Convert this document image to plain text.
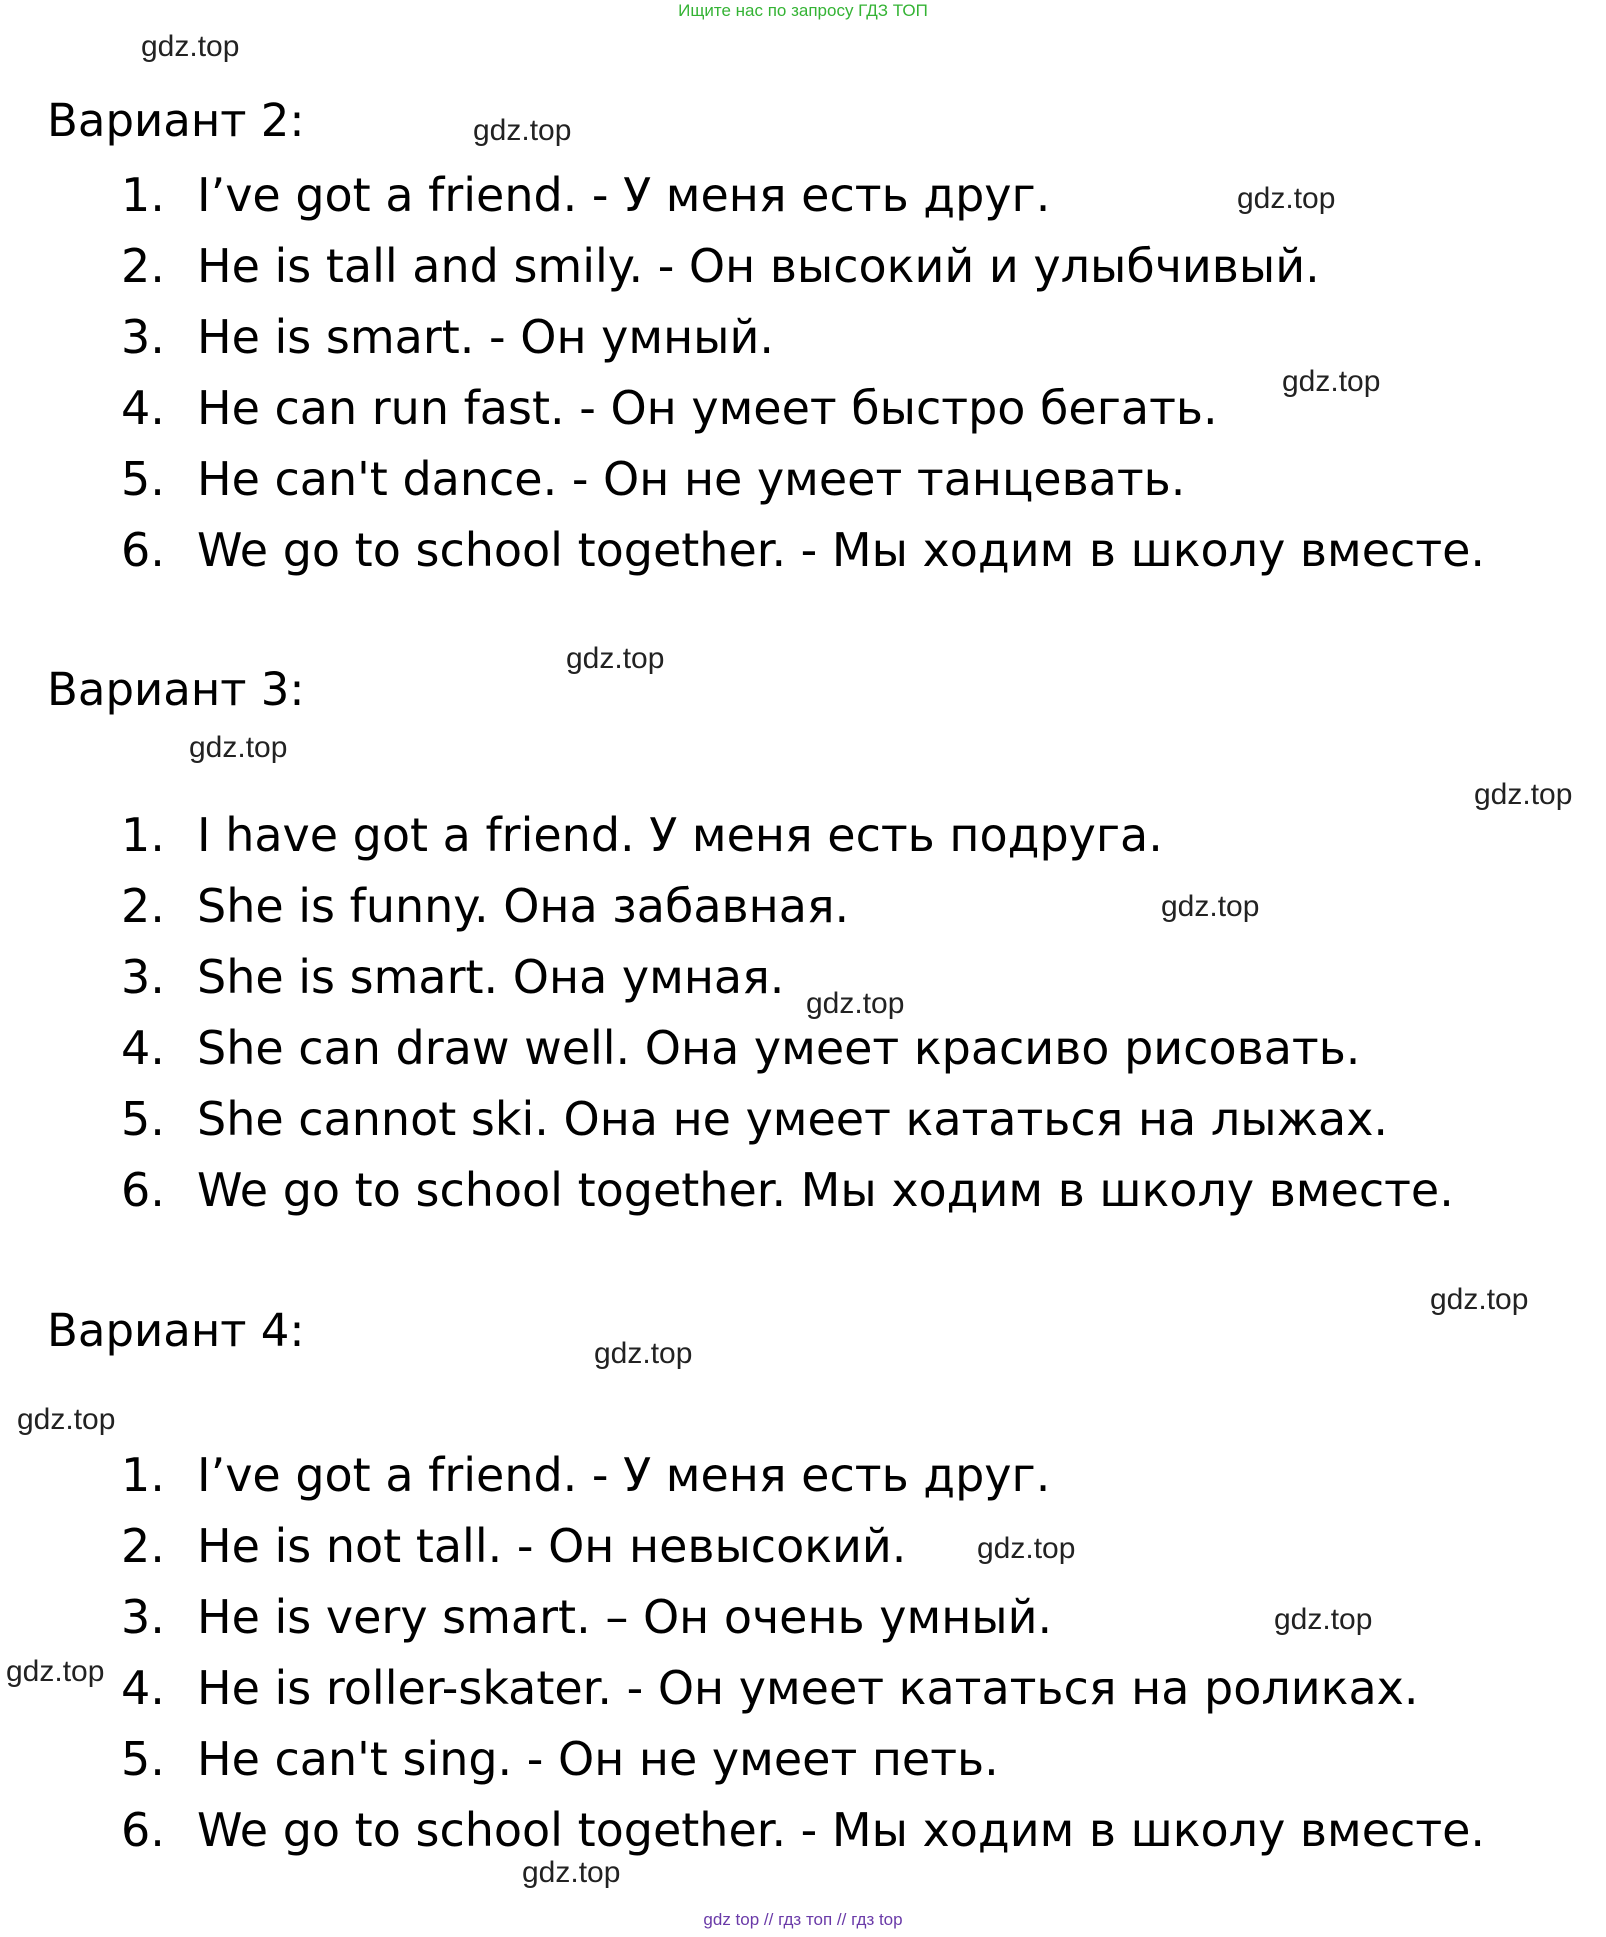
Ищите нас по запросу ГДЗ ТОП
Вариант 2:
1. I’ve got a friend. - У меня есть друг.
2. He is tall and smily. - Он высокий и улыбчивый.
3. He is smart. - Он умный.
4. He can run fast. - Он умеет быстро бегать.
5. He can't dance. - Он не умеет танцевать.
6. We go to school together. - Мы ходим в школу вместе.
Вариант 3:
1. I have got a friend. У меня есть подруга.
2. She is funny. Она забавная.
3. She is smart. Она умная.
4. She can draw well. Она умеет красиво рисовать.
5. She cannot ski. Она не умеет кататься на лыжах.
6. We go to school together. Мы ходим в школу вместе.
Вариант 4:
1. I’ve got a friend. - У меня есть друг.
2. He is not tall. - Он невысокий.
3. He is very smart. – Он очень умный.
4. He is roller-skater. - Он умеет кататься на роликах.
5. He can't sing. - Он не умеет петь.
6. We go to school together. - Мы ходим в школу вместе.
gdz.top
gdz.top
gdz.top
gdz.top
gdz.top
gdz.top
gdz.top
gdz.top
gdz.top
gdz.top
gdz.top
gdz.top
gdz.top
gdz.top
gdz.top
gdz.top
gdz top // гдз топ // гдз top
